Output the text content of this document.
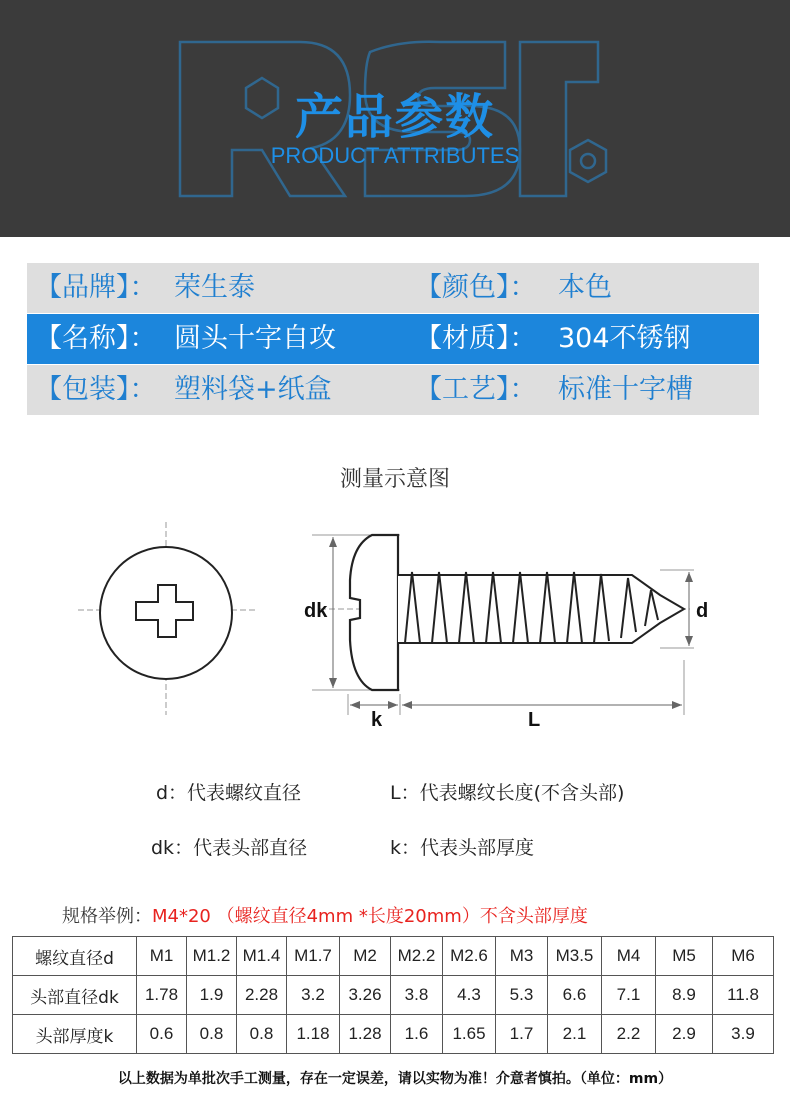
产品参数
PRODUCT ATTRIBUTES
【品牌】： 荣生泰	【颜色】： 本色
【名称】： 圆头十字自攻	【材质】： 304不锈钢
【包装】： 塑料袋+纸盒	【工艺】： 标准十字槽
测量示意图
dk	d
k	L
d：代表螺纹直径	L：代表螺纹长度(不含头部)
dk：代表头部直径	k：代表头部厚度
规格举例：M4*20 （螺纹直径4mm *长度20mm）不含头部厚度
螺纹直径d	M1	M1.2	M1.4	M1.7	M2	M2.2	M2.6	M3	M3.5	M4	M5	M6
头部直径dk	1.78	1.9	2.28	3.2	3.26	3.8	4.3	5.3	6.6	7.1	8.9	11.8
头部厚度k	0.6	0.8	0.8	1.18	1.28	1.6	1.65	1.7	2.1	2.2	2.9	3.9
以上数据为单批次手工测量，存在一定误差，请以实物为准！介意者慎拍。（单位：mm）
